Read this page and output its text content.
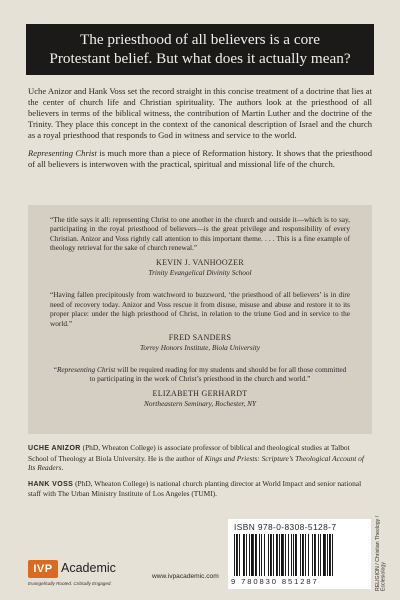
The priesthood of all believers is a core
Protestant belief. But what does it actually mean?

Uche Anizor and Hank Voss set the record straight in this concise treatment of a doctrine that lies at the center of church life and Christian spirituality. The authors look at the priesthood of all believers in terms of the biblical witness, the contribution of Martin Luther and the doctrine of the Trinity. They place this concept in the context of the canonical description of Israel and the church as a royal priesthood that responds to God in witness and service to the world.

Representing Christ is much more than a piece of Reformation history. It shows that the priesthood of all believers is interwoven with the practical, spiritual and missional life of the church.

“The title says it all: representing Christ to one another in the church and outside it—which is to say, participating in the royal priesthood of believers—is the great privilege and responsibility of every Christian. Anizor and Voss rightly call attention to this important theme. . . . This is a fine example of theology retrieval for the sake of church renewal.”

KEVIN J. VANHOOZER
Trinity Evangelical Divinity School

“Having fallen precipitously from watchword to buzzword, ‘the priesthood of all believers’ is in dire need of recovery today. Anizor and Voss rescue it from disuse, misuse and abuse and restore it to its proper place: under the high priesthood of Christ, in relation to the triune God and in service to the world.”

FRED SANDERS
Torrey Honors Institute, Biola University

“Representing Christ will be required reading for my students and should be for all those committed to participating in the work of Christ’s priesthood in the church and world.”

ELIZABETH GERHARDT
Northeastern Seminary, Rochester, NY

UCHE ANIZOR (PhD, Wheaton College) is associate professor of biblical and theological studies at Talbot School of Theology at Biola University. He is the author of Kings and Priests: Scripture’s Theological Account of Its Readers.

HANK VOSS (PhD, Wheaton College) is national church planting director at World Impact and senior national staff with The Urban Ministry Institute of Los Angeles (TUMI).

RELIGION / Christian Theology /
Ecclesiology
ISBN 978-0-8308-5128-7
9 780830 851287
IVP Academic
Evangelically Rooted. Critically Engaged.
www.ivpacademic.com
